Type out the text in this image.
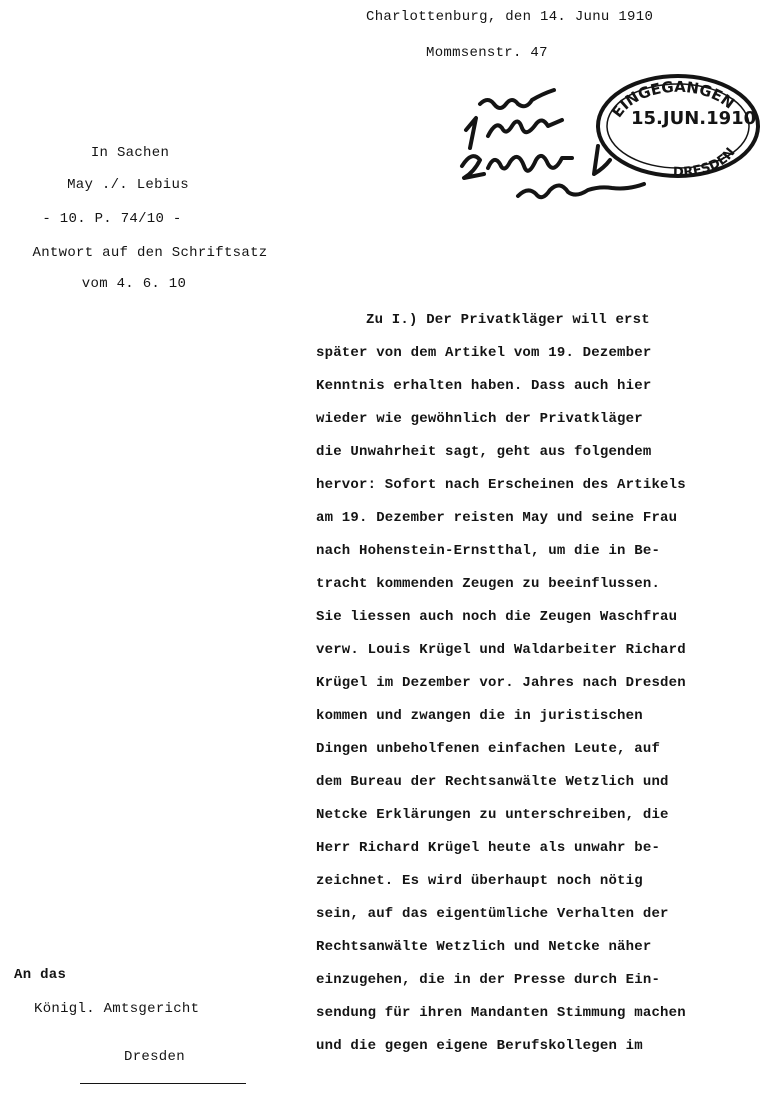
Charlottenburg, den 14. Junu 1910
Mommsenstr. 47
EINGEGANGEN
DRESDEN
15.JUN.1910
In Sachen
May ./. Lebius
- 10. P. 74/10 -
Antwort auf den Schriftsatz
vom 4. 6. 10
Zu I.) Der Privatkläger will erst
später von dem Artikel vom 19. Dezember
Kenntnis erhalten haben. Dass auch hier
wieder wie gewöhnlich der Privatkläger
die Unwahrheit sagt, geht aus folgendem
hervor: Sofort nach Erscheinen des Artikels
am 19. Dezember reisten May und seine Frau
nach Hohenstein-Ernstthal, um die in Be-
tracht kommenden Zeugen zu beeinflussen.
Sie liessen auch noch die Zeugen Waschfrau
verw. Louis Krügel und Waldarbeiter Richard
Krügel im Dezember vor. Jahres nach Dresden
kommen und zwangen die in juristischen
Dingen unbeholfenen einfachen Leute, auf
dem Bureau der Rechtsanwälte Wetzlich und
Netcke Erklärungen zu unterschreiben, die
Herr Richard Krügel heute als unwahr be-
zeichnet. Es wird überhaupt noch nötig
sein, auf das eigentümliche Verhalten der
Rechtsanwälte Wetzlich und Netcke näher
einzugehen, die in der Presse durch Ein-
sendung für ihren Mandanten Stimmung machen
und die gegen eigene Berufskollegen im
An das
Königl. Amtsgericht
Dresden
